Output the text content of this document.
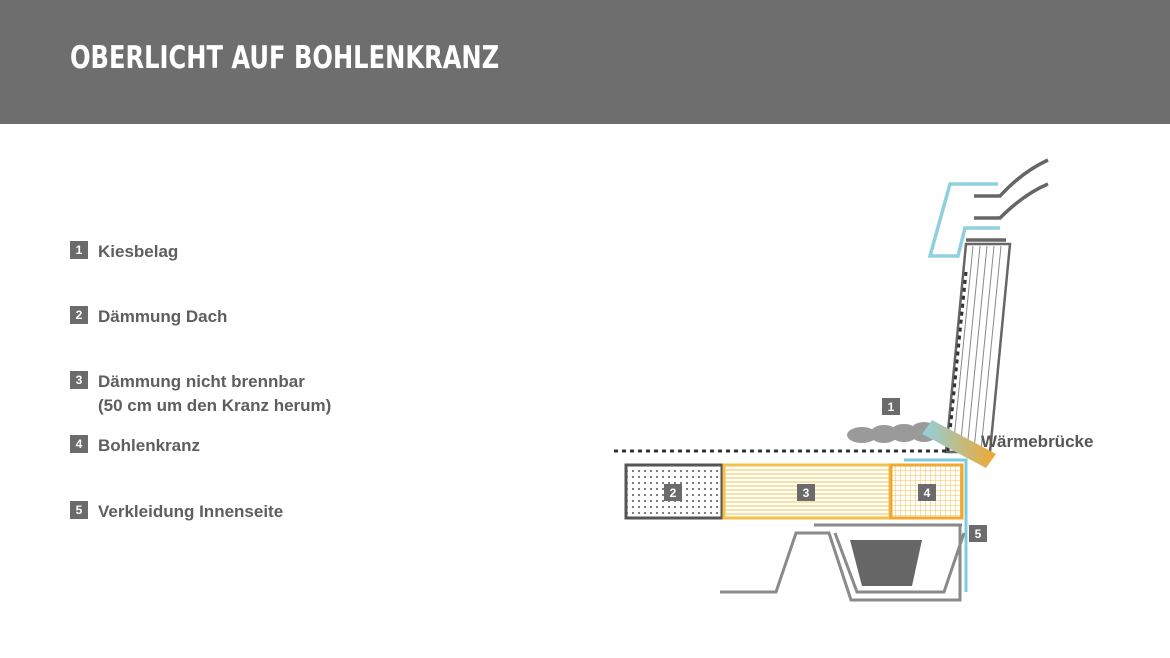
OBERLICHT AUF BOHLENKRANZ
1 Kiesbelag
2 Dämmung Dach
3 Dämmung nicht brennbar
(50 cm um den Kranz herum)
4 Bohlenkranz
5 Verkleidung Innenseite
Wärmebrücke
1
2	3	4
5
